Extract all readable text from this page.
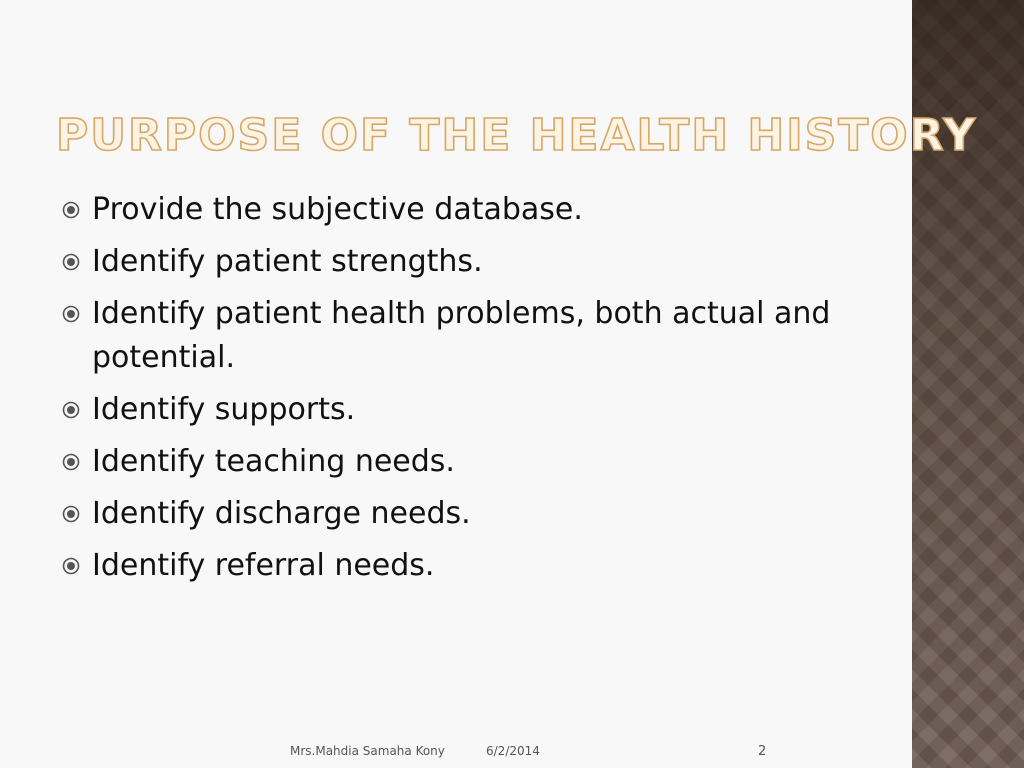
PURPOSE OF THE HEALTH HISTORY
Provide the subjective database.
Identify patient strengths.
Identify patient health problems, both actual and potential.
Identify supports.
Identify teaching needs.
Identify discharge needs.
Identify referral needs.
Mrs.Mahdia Samaha Kony	6/2/2014	2
